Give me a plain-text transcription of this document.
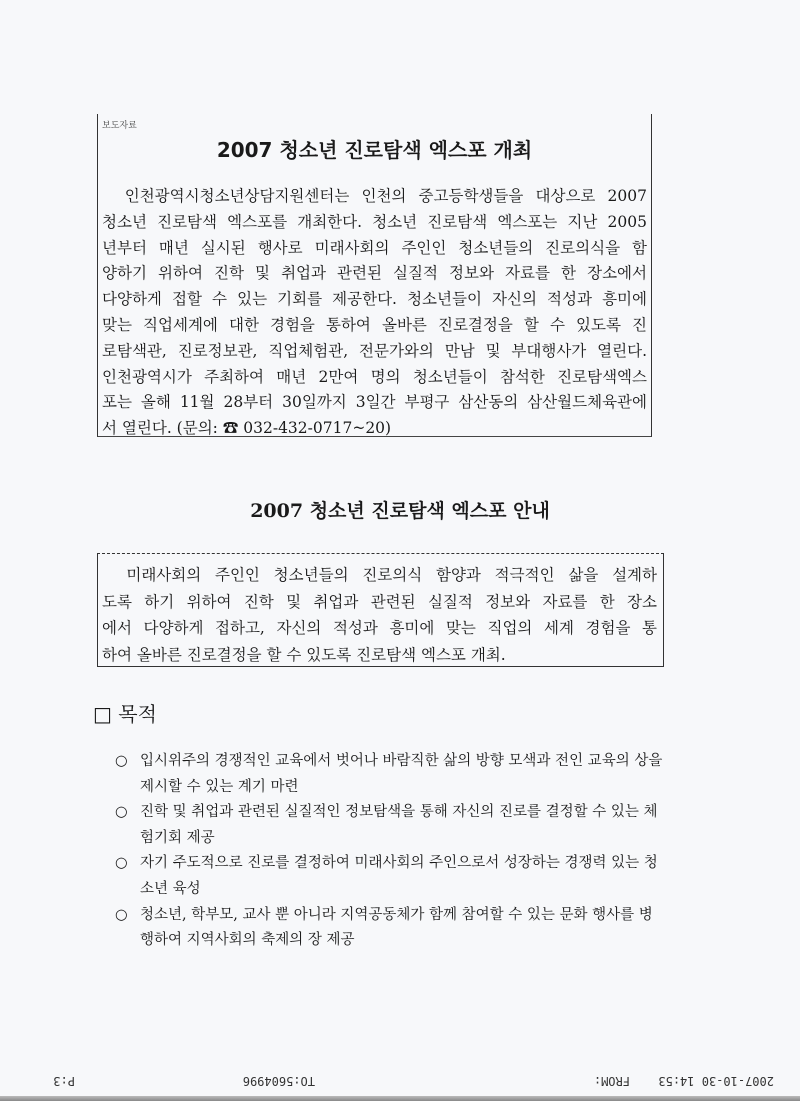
보도자료
2007 청소년 진로탐색 엑스포 개최
　인천광역시청소년상담지원센터는 인천의 중고등학생들을 대상으로 2007
청소년 진로탐색 엑스포를 개최한다. 청소년 진로탐색 엑스포는 지난 2005
년부터 매년 실시된 행사로 미래사회의 주인인 청소년들의 진로의식을 함
양하기 위하여 진학 및 취업과 관련된 실질적 정보와 자료를 한 장소에서
다양하게 접할 수 있는 기회를 제공한다. 청소년들이 자신의 적성과 흥미에
맞는 직업세계에 대한 경험을 통하여 올바른 진로결정을 할 수 있도록 진
로탐색관, 진로정보관, 직업체험관, 전문가와의 만남 및 부대행사가 열린다.
인천광역시가 주최하여 매년 2만여 명의 청소년들이 참석한 진로탐색엑스
포는 올해 11월 28부터 30일까지 3일간 부평구 삼산동의 삼산월드체육관에
서 열린다. (문의: ☎ 032-432-0717~20)
2007 청소년 진로탐색 엑스포 안내
　미래사회의 주인인 청소년들의 진로의식 함양과 적극적인 삶을 설계하
도록 하기 위하여 진학 및 취업과 관련된 실질적 정보와 자료를 한 장소
에서 다양하게 접하고, 자신의 적성과 흥미에 맞는 직업의 세계 경험을 통
하여 올바른 진로결정을 할 수 있도록 진로탐색 엑스포 개최.
□ 목적
○ 입시위주의 경쟁적인 교육에서 벗어나 바람직한 삶의 방향 모색과 전인 교육의 상을 제시할 수 있는 계기 마련
○ 진학 및 취업과 관련된 실질적인 정보탐색을 통해 자신의 진로를 결정할 수 있는 체험기회 제공
○ 자기 주도적으로 진로를 결정하여 미래사회의 주인으로서 성장하는 경쟁력 있는 청소년 육성
○ 청소년, 학부모, 교사 뿐 아니라 지역공동체가 함께 참여할 수 있는 문화 행사를 병행하여 지역사회의 축제의 장 제공
2007-10-30 14:53
FROM:
TO:5604996
P:3
